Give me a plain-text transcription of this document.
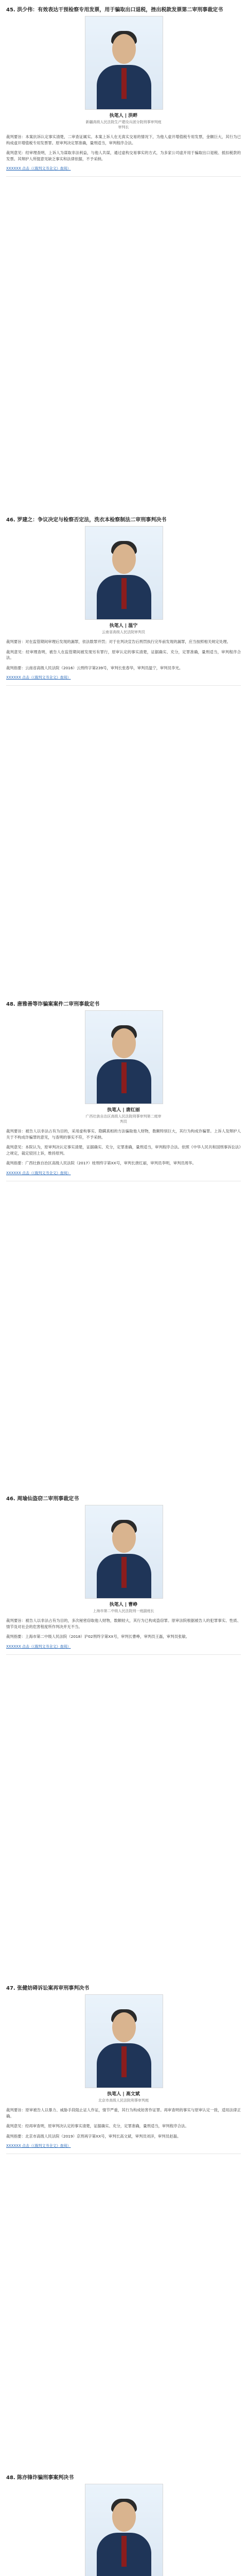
45. 洪少伟：有效表达干预检察专用发票，用于骗取出口退税，挫出税款发票第二审刑事裁定书
执笔人 | 洪畔
新疆高级人民法院生产建设兵团分院刑事审判庭审判长

裁判要旨：本案抗诉认定事实清楚，二审查证属实。本案上诉人在无真实交易的情况下，为他人虚开增值税专用发票，金额巨大，其行为已构成虚开增值税专用发票罪。原审判决定罪准确，量刑适当，审判程序合法。

裁判意见：经审理查明，上诉人为谋取非法利益，与他人共谋，通过虚构交易事实的方式，为多家公司虚开用于骗取出口退税、抵扣税款的发票。其辩护人所提意见缺乏事实和法律依据，不予采纳。

XXXXXX 点击（《裁判文书全文》查阅）
46. 罗建之：争议决定与检察否定法，洗衣本检察制法二审刑事判决书
执笔人 | 温宁
云南省高级人民法院审判员

裁判要旨：对在监管期间审理后发现的漏罪，依法数罪并罚；对于在判决宣告后刑罚执行完毕前发现的漏罪，应当按照相关规定处理。

裁判意见：经审理查明，被告人在监管期间被发现另有罪行，原审认定的事实清楚，证据确实、充分，定罪准确，量刑适当，审判程序合法。

裁判指要：云南省高级人民法院（2016）云刑终字第239号，审判长张春华，审判员温宁，审判员李光。

XXXXXX 点击（《裁判文书全文》查阅）
48. 唐雅善等诈骗案案件二审刑事裁定书
执笔人 | 唐红丽
广西壮族自治区高级人民法院刑事审判第二庭审判员

裁判要旨：被告人以非法占有为目的，采用虚构事实、隐瞒真相的方法骗取他人财物，数额特别巨大，其行为构成诈骗罪。上诉人及辩护人关于不构成诈骗罪的意见，与查明的事实不符，不予采纳。

裁判意见：本院认为，原审判决认定事实清楚，证据确实、充分，定罪准确，量刑适当，审判程序合法。依照《中华人民共和国刑事诉讼法》之规定，裁定驳回上诉，维持原判。

裁判指要：广西壮族自治区高级人民法院（2017）桂刑终字第XX号，审判长唐红丽，审判员李明，审判员周华。

XXXXXX 点击（《裁判文书全文》查阅）
46. 周瑜仙盗窃二审刑事裁定书
执笔人 | 曹峥
上海市第二中级人民法院刑一庭副庭长

裁判要旨：被告人以非法占有为目的，多次秘密窃取他人财物，数额较大，其行为已构成盗窃罪。原审法院根据被告人的犯罪事实、性质、情节及对社会的危害程度所作判决并无不当。

裁判指要：上海市第二中级人民法院（2018）沪02刑终字第XX号，审判长曹峥，审判员王磊，审判员张敏。

XXXXXX 点击（《裁判文书全文》查阅）
47. 张健妨碍诉讼案再审刑事判决书
执笔人 | 高文斌
北京市高级人民法院刑事审判庭

裁判要旨：原审被告人以暴力、威胁手段阻止证人作证，情节严重，其行为构成妨害作证罪。再审查明的事实与原审认定一致，适用法律正确。

裁判意见：经再审查明，原审判决认定的事实清楚，证据确实、充分，定罪准确，量刑适当，审判程序合法。

裁判指要：北京市高级人民法院（2019）京刑再字第XX号，审判长高文斌，审判员刘洋，审判员赵磊。

XXXXXX 点击（《裁判文书全文》查阅）
48. 陈亦锋诈骗刑事案判决书
